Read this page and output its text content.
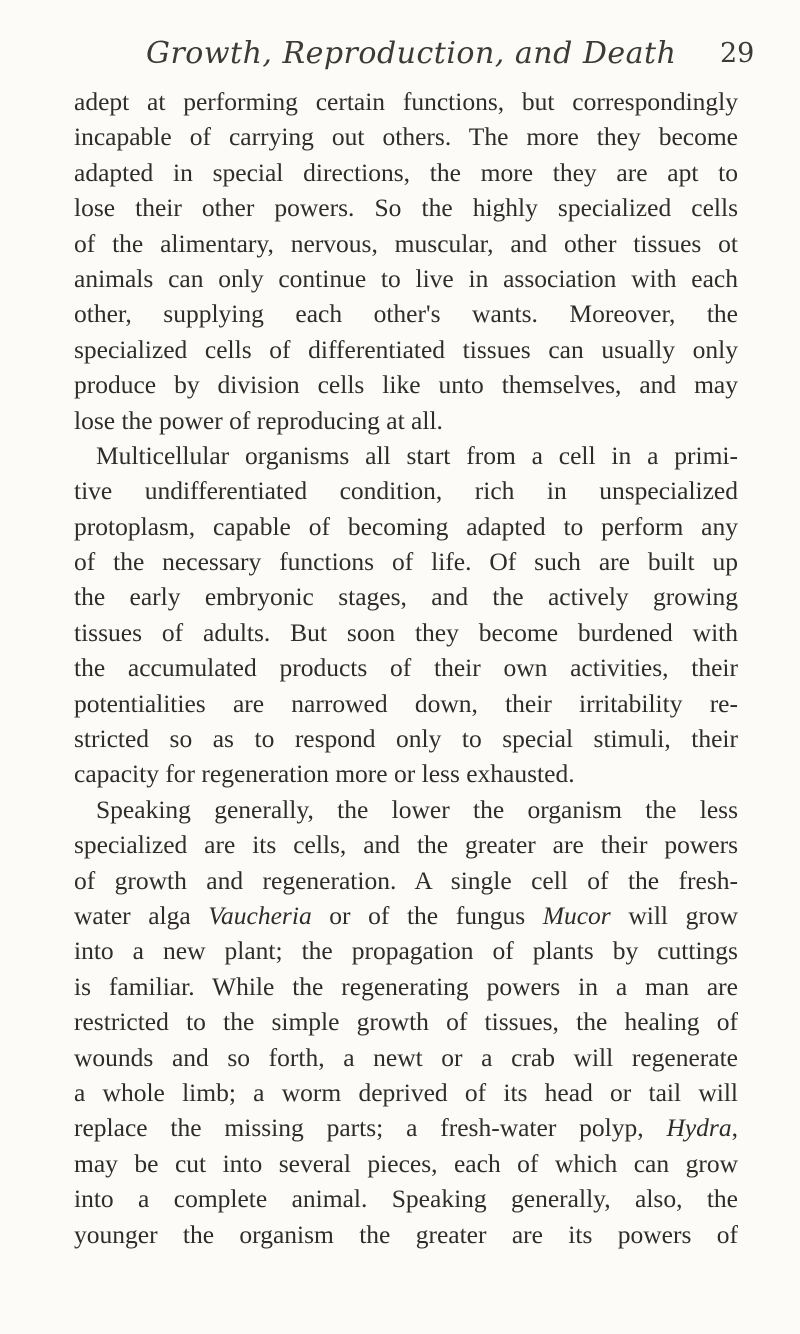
Growth, Reproduction, and Death 29
adept at performing certain functions, but correspondingly
incapable of carrying out others. The more they become
adapted in special directions, the more they are apt to
lose their other powers. So the highly specialized cells
of the alimentary, nervous, muscular, and other tissues ot
animals can only continue to live in association with each
other, supplying each other's wants. Moreover, the
specialized cells of differentiated tissues can usually only
produce by division cells like unto themselves, and may
lose the power of reproducing at all.
Multicellular organisms all start from a cell in a primi-
tive undifferentiated condition, rich in unspecialized
protoplasm, capable of becoming adapted to perform any
of the necessary functions of life. Of such are built up
the early embryonic stages, and the actively growing
tissues of adults. But soon they become burdened with
the accumulated products of their own activities, their
potentialities are narrowed down, their irritability re-
stricted so as to respond only to special stimuli, their
capacity for regeneration more or less exhausted.
Speaking generally, the lower the organism the less
specialized are its cells, and the greater are their powers
of growth and regeneration. A single cell of the fresh-
water alga Vaucheria or of the fungus Mucor will grow
into a new plant; the propagation of plants by cuttings
is familiar. While the regenerating powers in a man are
restricted to the simple growth of tissues, the healing of
wounds and so forth, a newt or a crab will regenerate
a whole limb; a worm deprived of its head or tail will
replace the missing parts; a fresh-water polyp, Hydra,
may be cut into several pieces, each of which can grow
into a complete animal. Speaking generally, also, the
younger the organism the greater are its powers of
